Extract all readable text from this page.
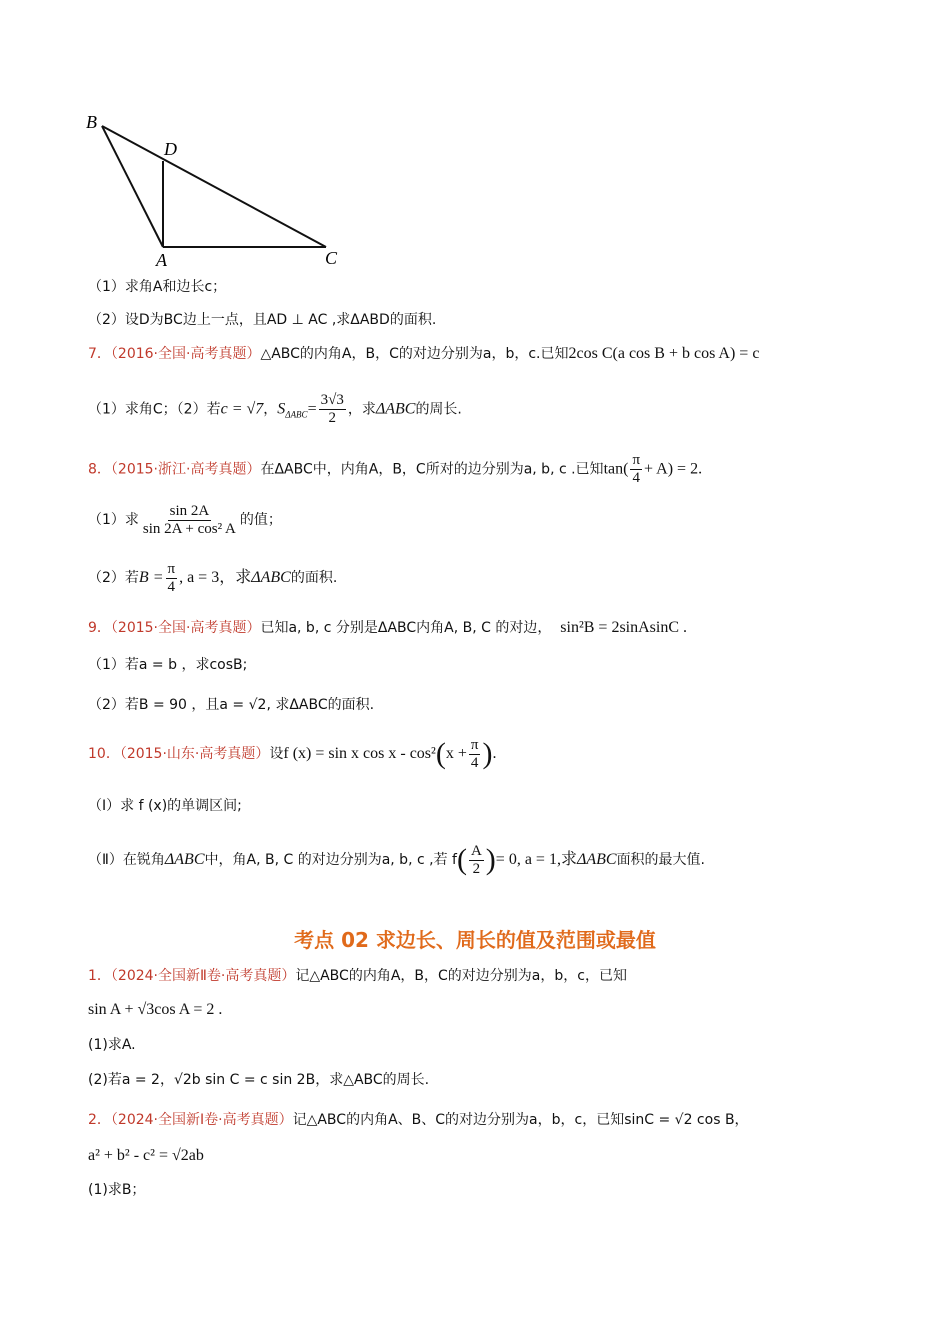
B
D
A	C
（1）求角A和边长c；
（2）设D为BC边上一点，且AD ⊥ AC ,求ΔABD的面积.
7．（2016·全国·高考真题）△ABC的内角A，B，C的对边分别为a，b，c.已知2cos C(a cos B + b cos A) = c
（1）求角C；（2）若c = √7，$S_{\Delta ABC}= \frac{3√3}{2}$ ，求ΔABC的周长.
8．（2015·浙江·高考真题）在ΔABC中，内角A，B，C所对的边分别为a, b, c .已知$\tan( \frac{\pi}{4} + A) = 2$.
（1）求 $\frac{\sin 2A}{\text{sin 2A + cos² A}}$ 的值；
（2）若$B = \frac{\pi}{4}$ , a = 3，求ΔABC的面积.
9．（2015·全国·高考真题）已知a, b, c 分别是ΔABC内角A, B, C 的对边， sin²B = 2sinAsinC .
（1）若a = b ，求cosB;
（2）若B = 90 ，且a = √2, 求ΔABC的面积.
10．（2015·山东·高考真题）设f (x) = sin x $\cos x - \cos^2(x + \frac{\pi}{4}$ ).
（Ⅰ）求 f (x)的单调区间;
（Ⅱ）在锐角ΔABC中，角A, B, C 的对边分别为a, b, c ,若 $f( \frac{A}{2}$ )= 0, a = 1,求ΔABC面积的最大值.
考点 02 求边长、周长的值及范围或最值
1．（2024·全国新Ⅱ卷·高考真题）记△ABC的内角A，B，C的对边分别为a，b，c，已知
sin A + √3cos A = 2 .
(1)求A.
(2)若a = 2，√2b sin C = c sin 2B，求△ABC的周长.
2．（2024·全国新Ⅰ卷·高考真题）记△ABC的内角A、B、C的对边分别为a，b，c，已知sinC = √2 cos B，
a² + b² - c² = √2ab
(1)求B；
